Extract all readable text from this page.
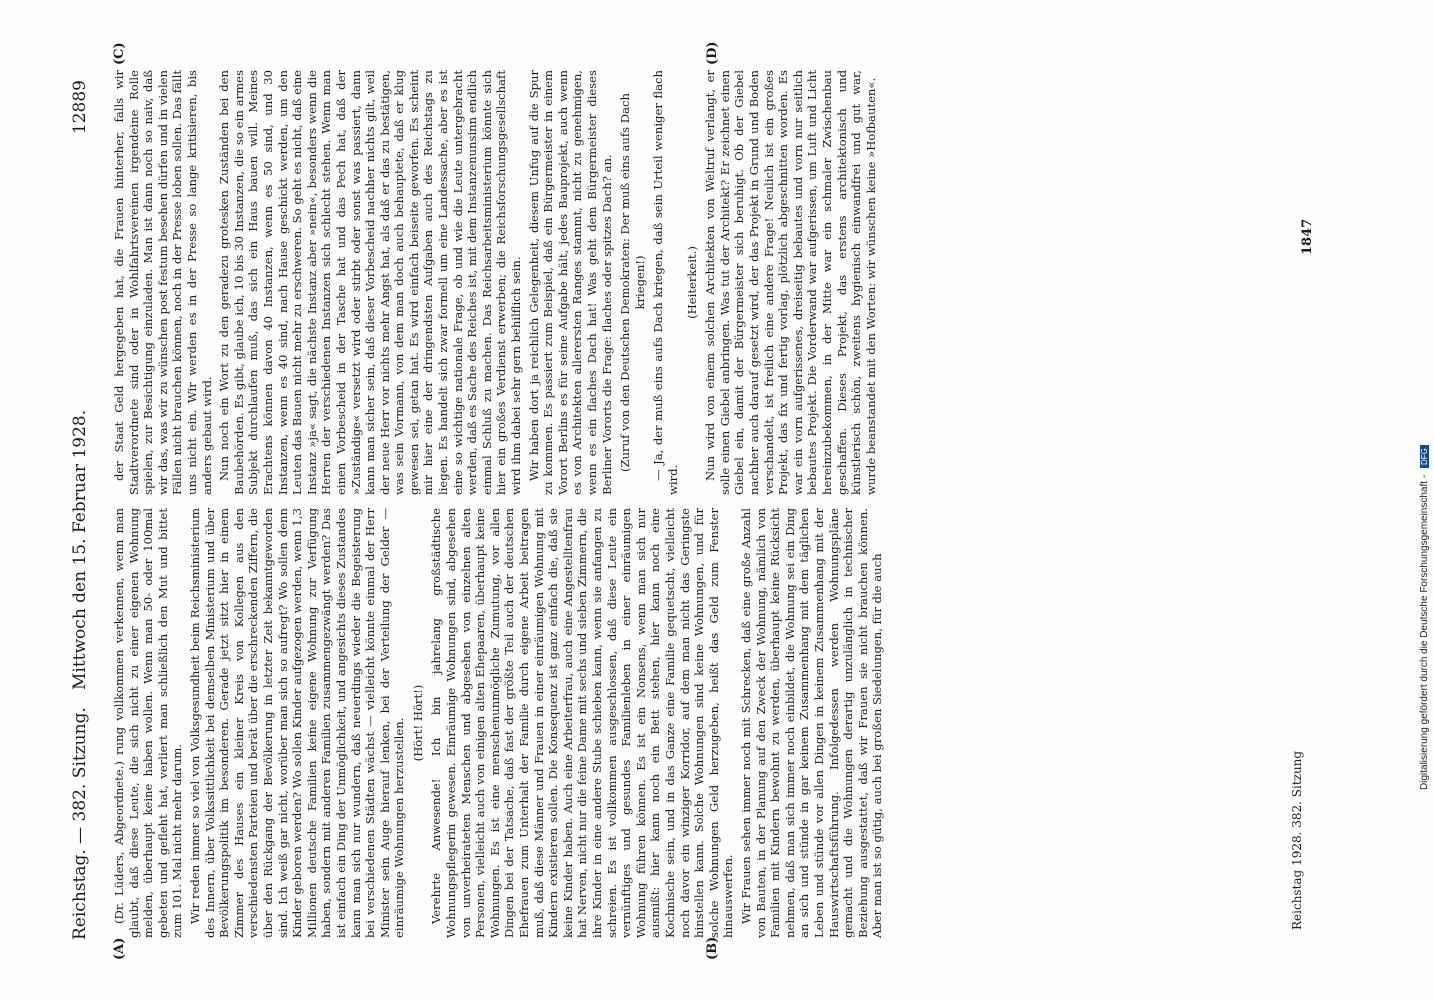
Reichstag. — 382. Sitzung.
Mittwoch den 15. Februar 1928.
12889
(A)	(B)
(C)	(D)

(Dr. Lüders, Abgeordnete.) rung vollkommen verkennen, wenn man glaubt, daß diese Leute, die sich nicht zu einer eigenen Wohnung melden, überhaupt keine haben wollen. Wenn man 50- oder 100mal gebeten und gefleht hat, verliert man schließlich den Mut und bittet zum 101. Mal nicht mehr darum. Wir reden immer so viel von Volksgesundheit beim Reichsministerium des Innern, über Volkssittlichkeit bei demselben Ministerium und über Bevölkerungspolitik im besonderen. Gerade jetzt sitzt hier in einem Zimmer des Hauses ein kleiner Kreis von Kollegen aus den verschiedensten Parteien und berät über die erschreckenden Ziffern, die über den Rückgang der Bevölkerung in letzter Zeit bekanntgeworden sind. Ich weiß gar nicht, worüber man sich so aufregt? Wo sollen denn Kinder geboren werden? Wo sollen Kinder aufgezogen werden, wenn 1,3 Millionen deutsche Familien keine eigene Wohnung zur Verfügung haben, sondern mit anderen Familien zusammengezwängt werden? Das ist einfach ein Ding der Unmöglichkeit, und angesichts dieses Zustandes kann man sich nur wundern, daß neuerdings wieder die Begeisterung bei verschiedenen Städten wächst — vielleicht könnte einmal der Herr Minister sein Auge hierauf lenken, bei der Verteilung der Gelder — einräumige Wohnungen herzustellen. (Hört! Hört!) Verehrte Anwesende! Ich bin jahrelang großstädtische Wohnungspflegerin gewesen. Einräumige Wohnungen sind, abgesehen von unverheirateten Menschen und abgesehen von einzelnen alten Personen, vielleicht auch von einigen alten Ehepaaren, überhaupt keine Wohnungen. Es ist eine menschenunmögliche Zumutung, vor allen Dingen bei der Tatsache, daß fast der größte Teil auch der deutschen Ehefrauen zum Unterhalt der Familie durch eigene Arbeit beitragen muß, daß diese Männer und Frauen in einer einräumigen Wohnung mit Kindern existieren sollen. Die Konsequenz ist ganz einfach die, daß sie keine Kinder haben. Auch eine Arbeiterfrau, auch eine Angestelltenfrau hat Nerven, nicht nur die feine Dame mit sechs und sieben Zimmern, die ihre Kinder in eine andere Stube schieben kann, wenn sie anfangen zu schreien. Es ist vollkommen ausgeschlossen, daß diese Leute ein vernünftiges und gesundes Familienleben in einer einräumigen Wohnung führen können. Es ist ein Nonsens, wenn man sich nur ausmißt: hier kann noch ein Bett stehen, hier kann noch eine Kochnische sein, und in das Ganze eine Familie gequetscht, vielleicht noch davor ein winziger Korridor, auf dem man nicht das Geringste hinstellen kann. Solche Wohnungen sind keine Wohnungen, und für solche Wohnungen Geld herzugeben, heißt das Geld zum Fenster hinauswerfen. Wir Frauen sehen immer noch mit Schrecken, daß eine große Anzahl von Bauten, in der Planung auf den Zweck der Wohnung, nämlich von Familien mit Kindern bewohnt zu werden, überhaupt keine Rücksicht nehmen, daß man sich immer noch einbildet, die Wohnung sei ein Ding an sich und stünde in gar keinem Zusammenhang mit dem täglichen Leben und stünde vor allen Dingen in keinem Zusammenhang mit der Hauswirtschaftsführung. Infolgedessen werden Wohnungspläne gemacht und die Wohnungen derartig unzulänglich in technischer Beziehung ausgestattet, daß wir Frauen sie nicht brauchen können. Aber man ist so gütig, auch bei großen Siedelungen, für die auch

der Staat Geld hergegeben hat, die Frauen hinterher, falls wir Stadtverordnete sind oder in Wohlfahrtsvereinen irgendeine Rolle spielen, zur Besichtigung einzuladen. Man ist dann noch so naiv, daß wir das, was wir zu wünschen post festum besehen dürfen und in vielen Fällen nicht brauchen können, noch in der Presse loben sollen. Das fällt uns nicht ein. Wir werden es in der Presse so lange kritisieren, bis anders gebaut wird. Nun noch ein Wort zu den geradezu grotesken Zuständen bei den Baubehörden. Es gibt, glaube ich, 10 bis 30 Instanzen, die so ein armes Subjekt durchlaufen muß, das sich ein Haus bauen will. Meines Erachtens können davon 40 Instanzen, wenn es 50 sind, und 30 Instanzen, wenn es 40 sind, nach Hause geschickt werden, um den Leuten das Bauen nicht mehr zu erschweren. So geht es nicht, daß eine Instanz »ja« sagt, die nächste Instanz aber »nein«, besonders wenn die Herren der verschiedenen Instanzen sich schlecht stehen. Wenn man einen Vorbescheid in der Tasche hat und das Pech hat, daß der »Zuständige« versetzt wird oder stirbt oder sonst was passiert, dann kann man sicher sein, daß dieser Vorbescheid nachher nichts gilt, weil der neue Herr vor nichts mehr Angst hat, als daß er das zu bestätigen, was sein Vormann, von dem man doch auch behauptete, daß er klug gewesen sei, getan hat. Es wird einfach beiseite geworfen. Es scheint mir hier eine der dringendsten Aufgaben auch des Reichstags zu liegen. Es handelt sich zwar formell um eine Landessache, aber es ist eine so wichtige nationale Frage, ob und wie die Leute untergebracht werden, daß es Sache des Reiches ist, mit dem Instanzenunsinn endlich einmal Schluß zu machen. Das Reichsarbeitsministerium könnte sich hier ein großes Verdienst erwerben; die Reichsforschungsgesellschaft wird ihm dabei sehr gern behilflich sein. Wir haben dort ja reichlich Gelegenheit, diesem Unfug auf die Spur zu kommen. Es passiert zum Beispiel, daß ein Bürgermeister in einem Vorort Berlins es für seine Aufgabe hält, jedes Bauprojekt, auch wenn es von Architekten allerersten Ranges stammt, nicht zu genehmigen, wenn es ein flaches Dach hat! Was geht dem Bürgermeister dieses Berliner Vororts die Frage: flaches oder spitzes Dach? an. (Zuruf von den Deutschen Demokraten: Der muß eins aufs Dach kriegen!) — Ja, der muß eins aufs Dach kriegen, daß sein Urteil weniger flach wird.

(Heiterkeit.) Nun wird von einem solchen Architekten von Weltruf verlangt, er solle einen Giebel anbringen. Was tut der Architekt? Er zeichnet einen Giebel ein, damit der Bürgermeister sich beruhigt. Ob der Giebel nachher auch darauf gesetzt wird, der das Projekt in Grund und Boden verschandelt, ist freilich eine andere Frage! Neulich ist ein großes Projekt, das fix und fertig vorlag, plötzlich abgeschnitten worden. Es war ein vorn aufgerissenes, dreiseitig bebautes und vorn nur seitlich bebautes Projekt. Die Vorderwand war aufgerissen, um Luft und Licht hereinzubekommen, in der Mitte war ein schmaler Zwischenbau geschaffen. Dieses Projekt, das erstens architektonisch und künstlerisch schön, zweitens hygienisch einwandfrei und gut war, wurde beanstandet mit den Worten: wir wünschen keine »Hofbauten«.

Reichstag 1928. 382. Sitzung
1847
Digitalisierung gefördert durch die Deutsche Forschungsgemeinschaft - DFG
